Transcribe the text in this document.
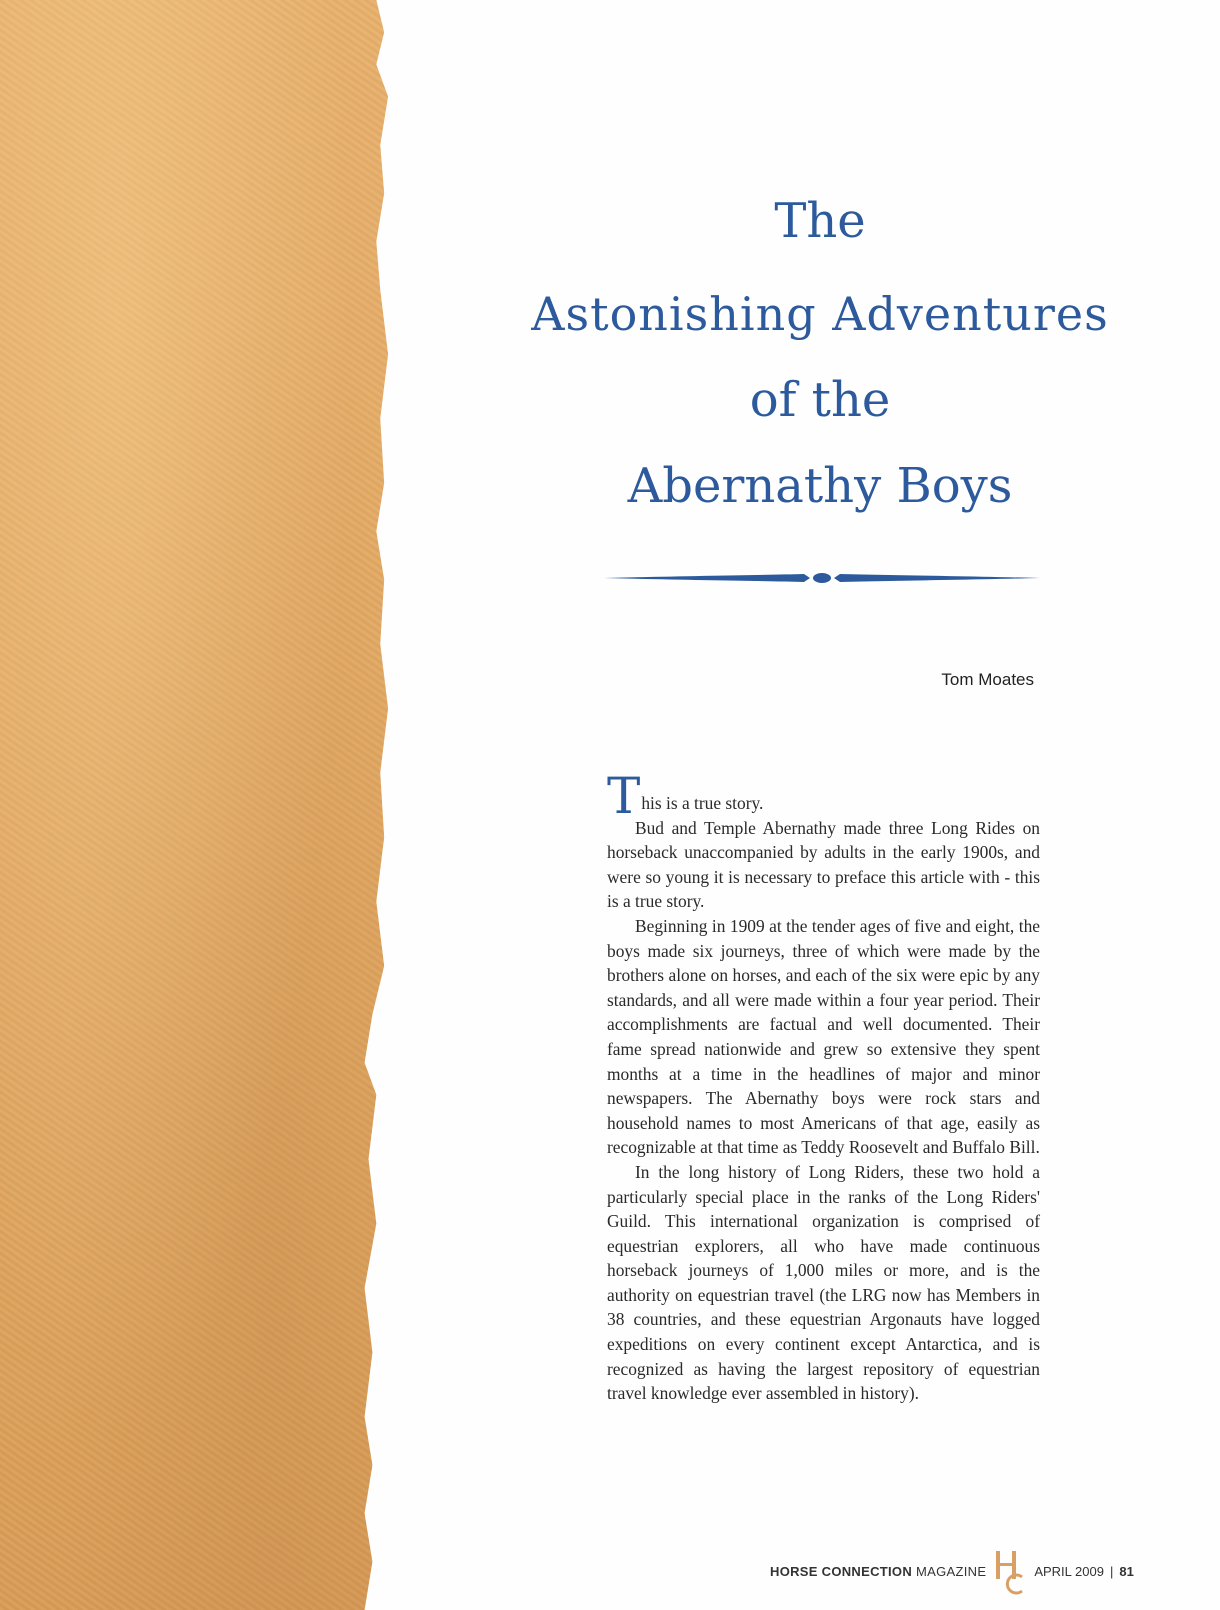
The
Astonishing Adventures
of the
Abernathy Boys
Tom Moates

This is a true story.

Bud and Temple Abernathy made three Long Rides on horseback unaccompanied by adults in the early 1900s, and were so young it is necessary to preface this article with - this is a true story.

Beginning in 1909 at the tender ages of five and eight, the boys made six journeys, three of which were made by the brothers alone on horses, and each of the six were epic by any standards, and all were made within a four year period. Their accomplishments are factual and well documented. Their fame spread nationwide and grew so extensive they spent months at a time in the headlines of major and minor newspapers. The Abernathy boys were rock stars and household names to most Americans of that age, easily as recognizable at that time as Teddy Roosevelt and Buffalo Bill.

In the long history of Long Riders, these two hold a particularly special place in the ranks of the Long Riders' Guild. This international organization is comprised of equestrian explorers, all who have made continuous horseback journeys of 1,000 miles or more, and is the authority on equestrian travel (the LRG now has Members in 38 countries, and these equestrian Argonauts have logged expeditions on every continent except Antarctica, and is recognized as having the largest repository of equestrian travel knowledge ever assembled in history).

HORSE CONNECTION MAGAZINE	APRIL 2009 | 81
